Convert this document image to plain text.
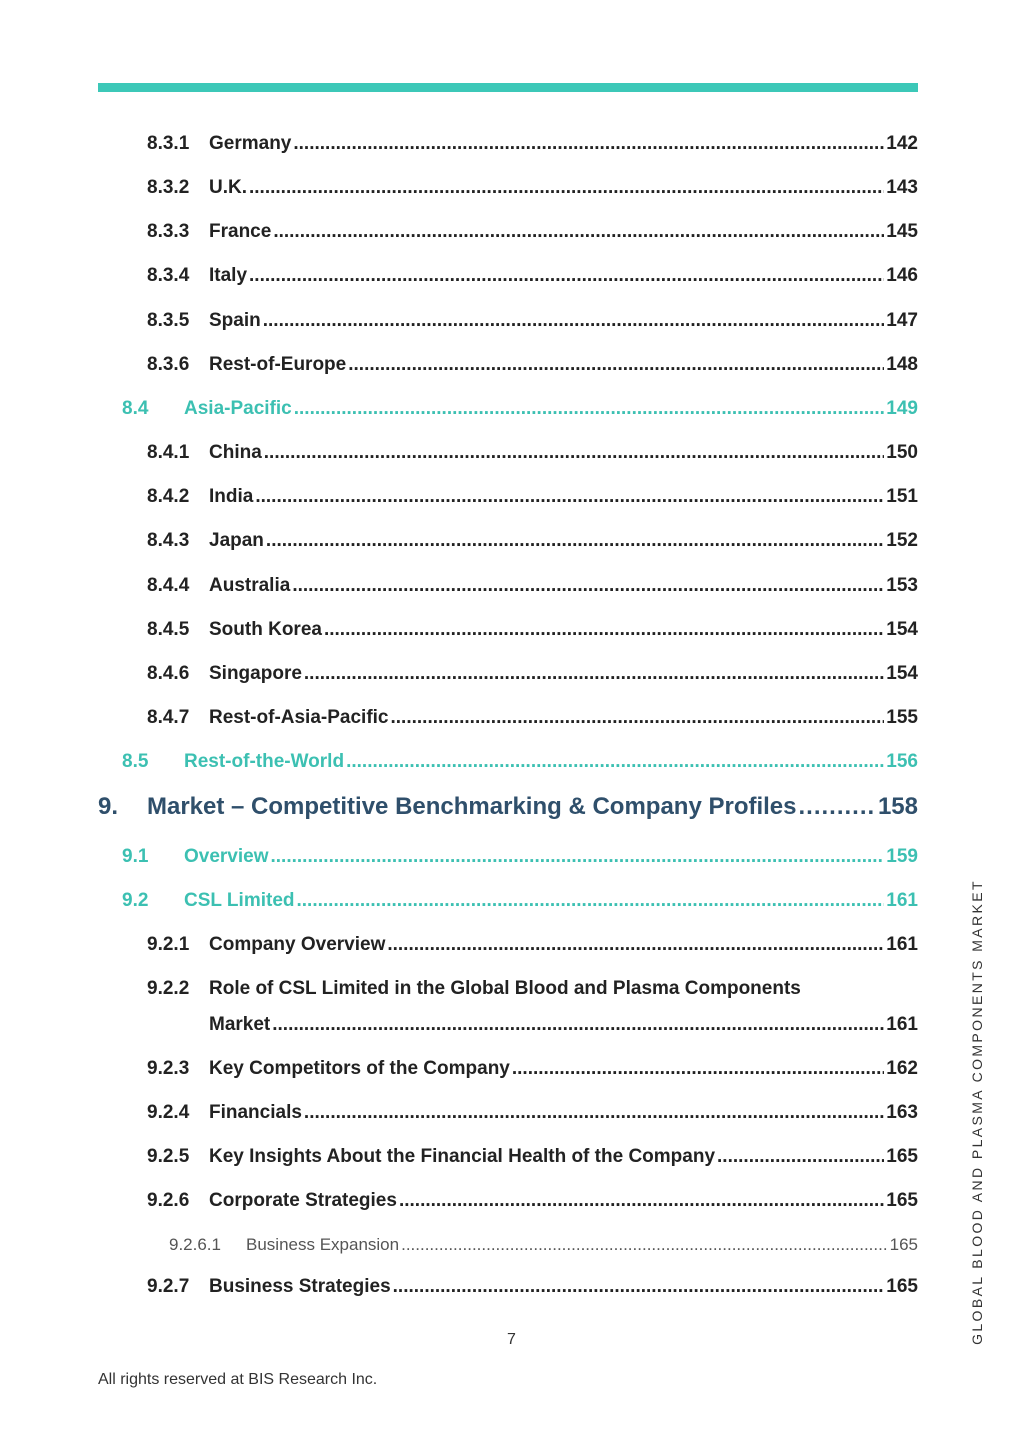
8.3.1	Germany .....	142
8.3.2	U.K. .....	143
8.3.3	France .....	145
8.3.4	Italy .....	146
8.3.5	Spain .....	147
8.3.6	Rest-of-Europe .....	148
8.4	Asia-Pacific .....	149
8.4.1	China .....	150
8.4.2	India .....	151
8.4.3	Japan .....	152
8.4.4	Australia .....	153
8.4.5	South Korea .....	154
8.4.6	Singapore .....	154
8.4.7	Rest-of-Asia-Pacific .....	155
8.5	Rest-of-the-World .....	156
9.	Market – Competitive Benchmarking & Company Profiles .....	158
9.1	Overview .....	159
9.2	CSL Limited .....	161
9.2.1	Company Overview .....	161
9.2.2 Role of CSL Limited in the Global Blood and Plasma Components
Market .....	161
9.2.3	Key Competitors of the Company .....	162
9.2.4	Financials .....	163
9.2.5	Key Insights About the Financial Health of the Company .....	165
9.2.6	Corporate Strategies .....	165
9.2.6.1	Business Expansion .....	165
9.2.7	Business Strategies .....	165
7
All rights reserved at BIS Research Inc.
GLOBAL BLOOD AND PLASMA COMPONENTS MARKET
